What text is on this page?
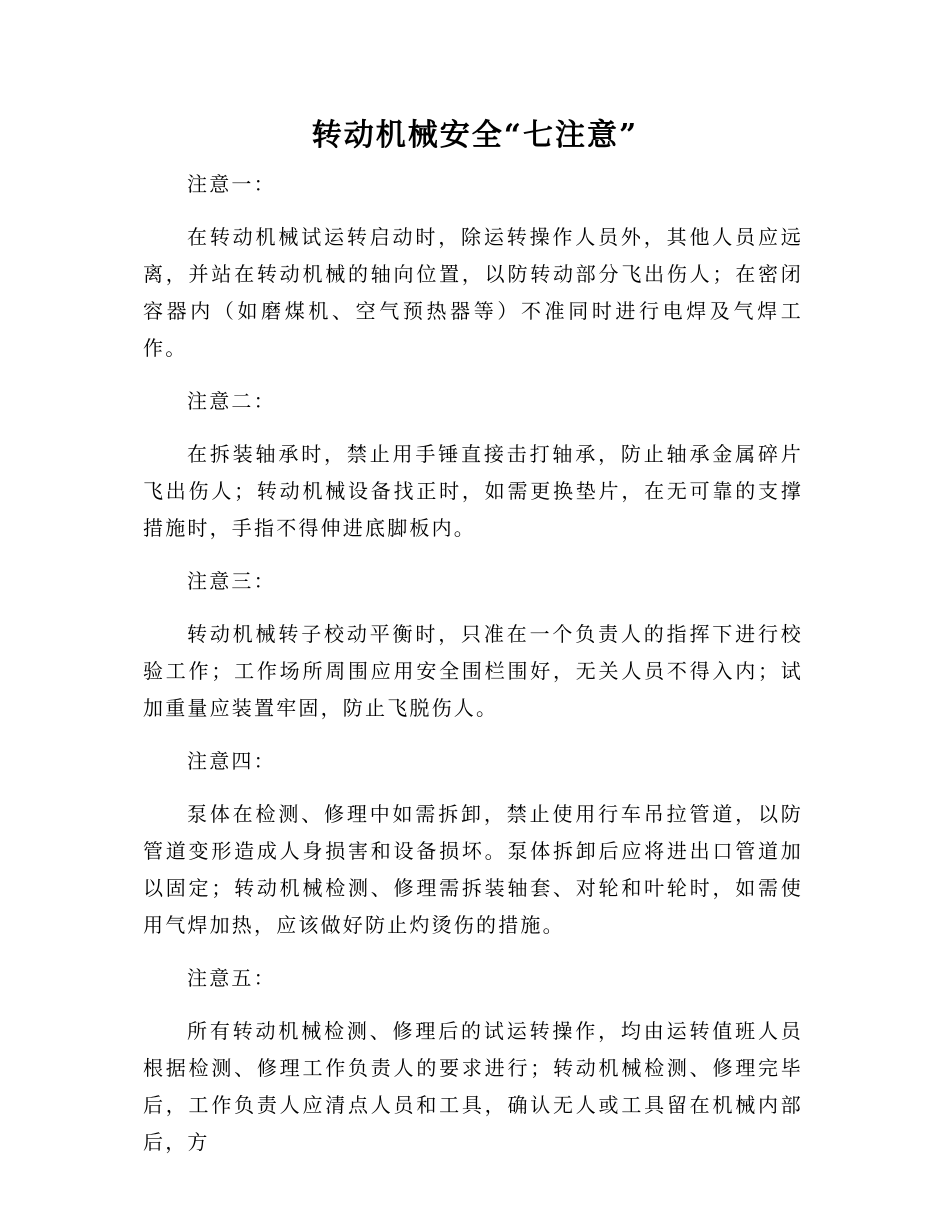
转动机械安全“七注意”

注意一：

在转动机械试运转启动时，除运转操作人员外，其他人员应远离，并站在转动机械的轴向位置，以防转动部分飞出伤人；在密闭容器内（如磨煤机、空气预热器等）不准同时进行电焊及气焊工作。

注意二：

在拆装轴承时，禁止用手锤直接击打轴承，防止轴承金属碎片飞出伤人；转动机械设备找正时，如需更换垫片，在无可靠的支撑措施时，手指不得伸进底脚板内。

注意三：

转动机械转子校动平衡时，只准在一个负责人的指挥下进行校验工作；工作场所周围应用安全围栏围好，无关人员不得入内；试加重量应装置牢固，防止飞脱伤人。

注意四：

泵体在检测、修理中如需拆卸，禁止使用行车吊拉管道，以防管道变形造成人身损害和设备损坏。泵体拆卸后应将进出口管道加以固定；转动机械检测、修理需拆装轴套、对轮和叶轮时，如需使用气焊加热，应该做好防止灼烫伤的措施。

注意五：

所有转动机械检测、修理后的试运转操作，均由运转值班人员根据检测、修理工作负责人的要求进行；转动机械检测、修理完毕后，工作负责人应清点人员和工具，确认无人或工具留在机械内部后，方
